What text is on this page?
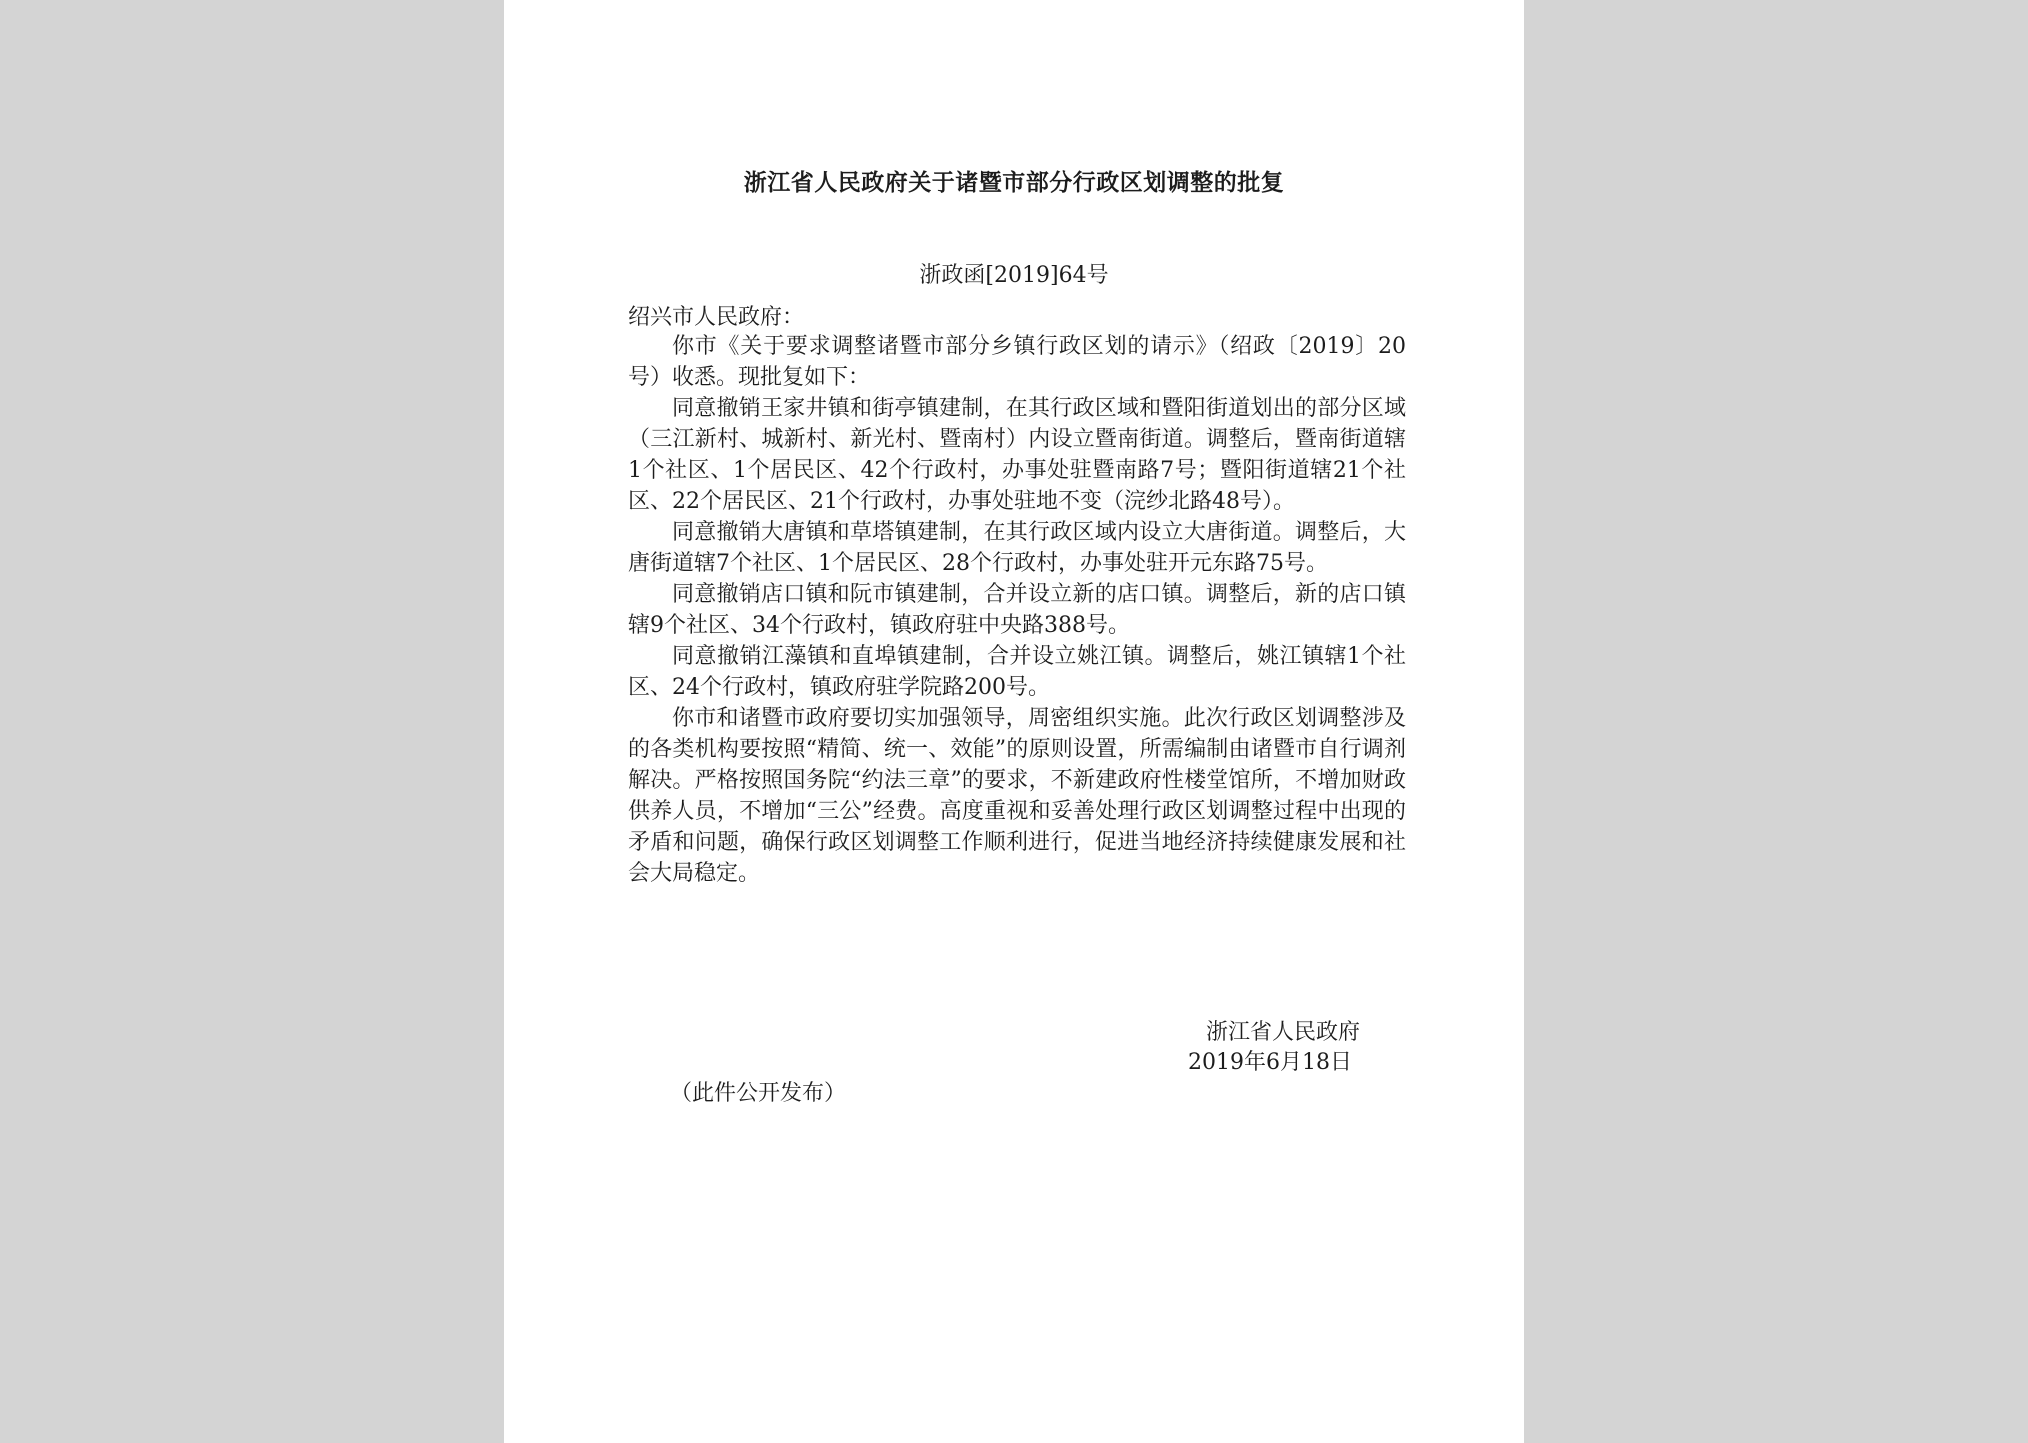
浙江省人民政府关于诸暨市部分行政区划调整的批复
浙政函[2019]64号
绍兴市人民政府：

你市《关于要求调整诸暨市部分乡镇行政区划的请示》（绍政〔2019〕20号）收悉。现批复如下：

同意撤销王家井镇和街亭镇建制，在其行政区域和暨阳街道划出的部分区域（三江新村、城新村、新光村、暨南村）内设立暨南街道。调整后，暨南街道辖1个社区、1个居民区、42个行政村，办事处驻暨南路7号；暨阳街道辖21个社区、22个居民区、21个行政村，办事处驻地不变（浣纱北路48号）。

同意撤销大唐镇和草塔镇建制，在其行政区域内设立大唐街道。调整后，大唐街道辖7个社区、1个居民区、28个行政村，办事处驻开元东路75号。

同意撤销店口镇和阮市镇建制，合并设立新的店口镇。调整后，新的店口镇辖9个社区、34个行政村，镇政府驻中央路388号。

同意撤销江藻镇和直埠镇建制，合并设立姚江镇。调整后，姚江镇辖1个社区、24个行政村，镇政府驻学院路200号。

你市和诸暨市政府要切实加强领导，周密组织实施。此次行政区划调整涉及的各类机构要按照“精简、统一、效能”的原则设置，所需编制由诸暨市自行调剂解决。严格按照国务院“约法三章”的要求，不新建政府性楼堂馆所，不增加财政供养人员，不增加“三公”经费。高度重视和妥善处理行政区划调整过程中出现的矛盾和问题，确保行政区划调整工作顺利进行，促进当地经济持续健康发展和社会大局稳定。

浙江省人民政府
2019年6月18日
（此件公开发布）
